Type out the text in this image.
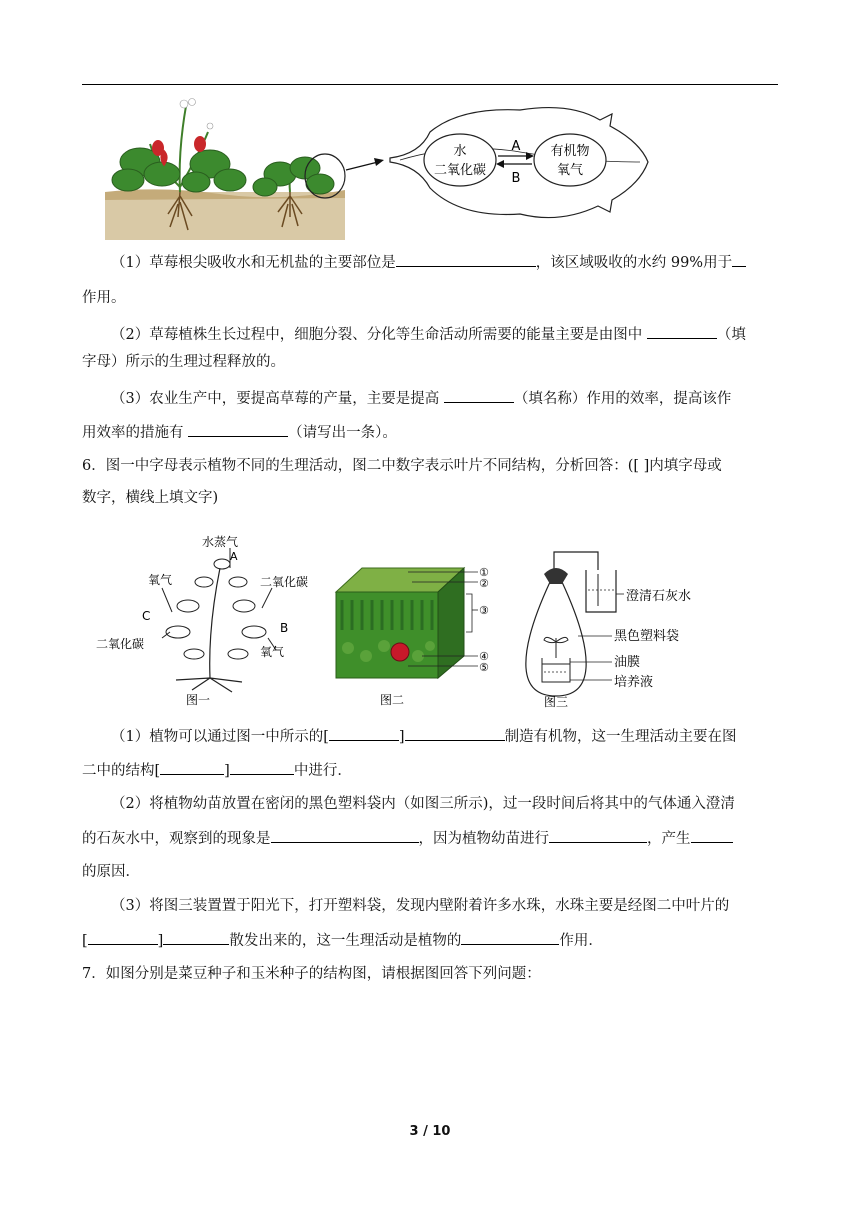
水
二氧化碳
有机物
氧气
A
B
（1）草莓根尖吸收水和无机盐的主要部位是	，该区域吸收的水约 99%用于
作用。
（2）草莓植株生长过程中，细胞分裂、分化等生命活动所需要的能量主要是由图中	（填
字母）所示的生理过程释放的。
（3）农业生产中，要提高草莓的产量，主要是提高	（填名称）作用的效率，提高该作
用效率的措施有	（请写出一条）。
6．图一中字母表示植物不同的生理活动，图二中数字表示叶片不同结构，分析回答：([ ]内填字母或
数字，横线上填文字)
水蒸气
A
氧气	二氧化碳
C
B
二氧化碳
氧气
图一
①
②
③
④
⑤
图二
澄清石灰水
黑色塑料袋
油膜
培养液
图三
（1）植物可以通过图一中所示的[	]	制造有机物，这一生理活动主要在图
二中的结构[	]	中进行．
（2）将植物幼苗放置在密闭的黑色塑料袋内（如图三所示)，过一段时间后将其中的气体通入澄清
的石灰水中，观察到的现象是	，因为植物幼苗进行	，产生
的原因．
（3）将图三装置置于阳光下，打开塑料袋，发现内壁附着许多水珠，水珠主要是经图二中叶片的
[	]	散发出来的，这一生理活动是植物的	作用．
7．如图分别是菜豆种子和玉米种子的结构图，请根据图回答下列问题：
3 / 10
